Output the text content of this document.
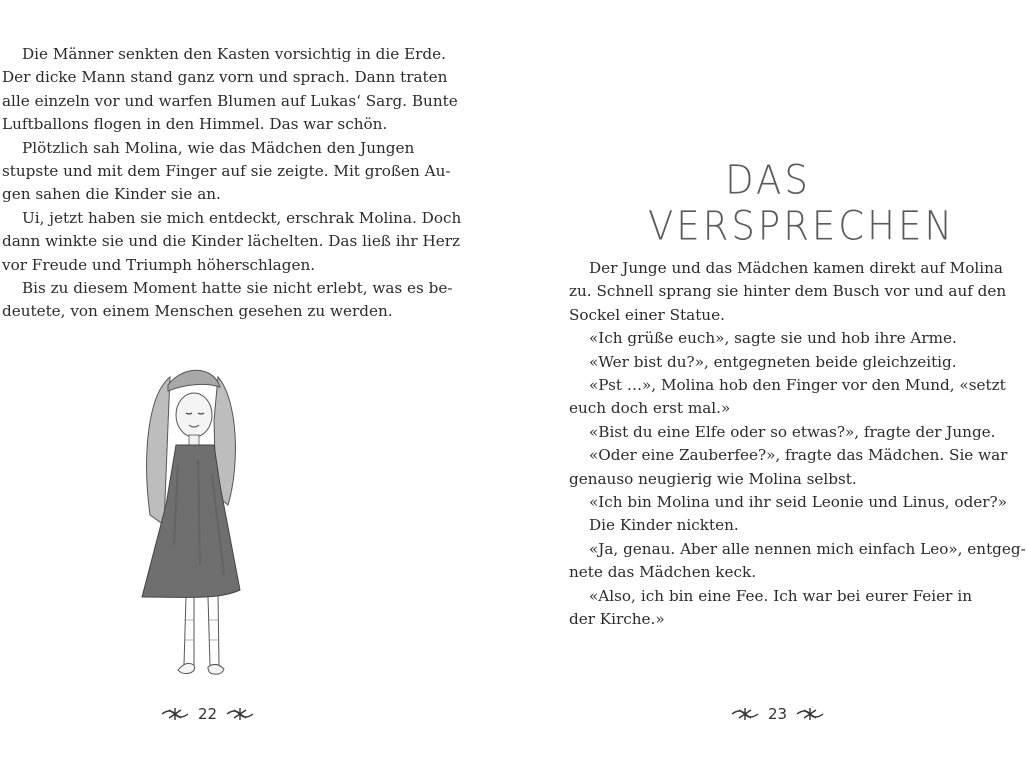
Die Männer senkten den Kasten vorsichtig in die Erde.
Der dicke Mann stand ganz vorn und sprach. Dann traten
alle einzeln vor und warfen Blumen auf Lukas‘ Sarg. Bunte
Luftballons flogen in den Himmel. Das war schön.

Plötzlich sah Molina, wie das Mädchen den Jungen
stupste und mit dem Finger auf sie zeigte. Mit großen Au-
gen sahen die Kinder sie an.

Ui, jetzt haben sie mich entdeckt, erschrak Molina. Doch
dann winkte sie und die Kinder lächelten. Das ließ ihr Herz
vor Freude und Triumph höherschlagen.

Bis zu diesem Moment hatte sie nicht erlebt, was es be-
deutete, von einem Menschen gesehen zu werden.

22
DAS VERSPRECHEN

Der Junge und das Mädchen kamen direkt auf Molina
zu. Schnell sprang sie hinter dem Busch vor und auf den
Sockel einer Statue.

«Ich grüße euch», sagte sie und hob ihre Arme.

«Wer bist du?», entgegneten beide gleichzeitig.

«Pst …», Molina hob den Finger vor den Mund, «setzt
euch doch erst mal.»

«Bist du eine Elfe oder so etwas?», fragte der Junge.

«Oder eine Zauberfee?», fragte das Mädchen. Sie war
genauso neugierig wie Molina selbst.

«Ich bin Molina und ihr seid Leonie und Linus, oder?»

Die Kinder nickten.

«Ja, genau. Aber alle nennen mich einfach Leo», entgeg-
nete das Mädchen keck.

«Also, ich bin eine Fee. Ich war bei eurer Feier in
der Kirche.»

23
